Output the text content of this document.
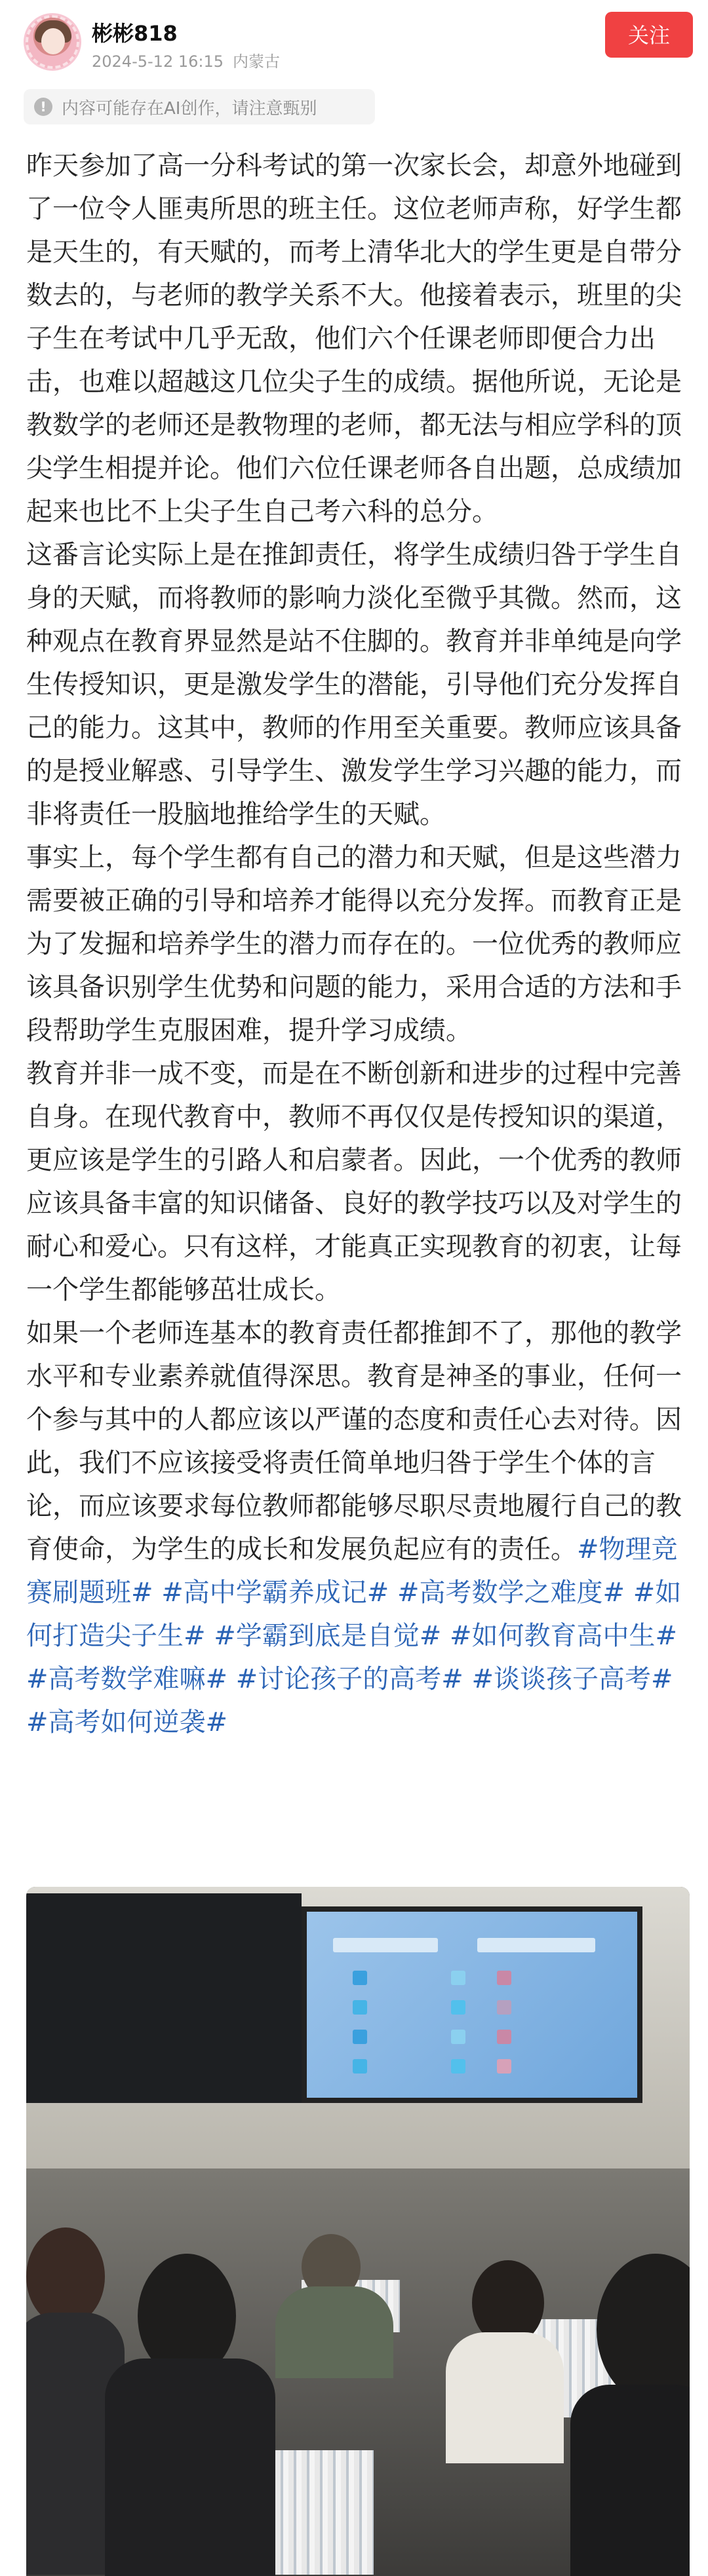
彬彬818
2024-5-12 16:15 内蒙古
关注
! 内容可能存在AI创作，请注意甄别

昨天参加了高一分科考试的第一次家长会，却意外地碰到了一位令人匪夷所思的班主任。这位老师声称，好学生都是天生的，有天赋的，而考上清华北大的学生更是自带分数去的，与老师的教学关系不大。他接着表示，班里的尖子生在考试中几乎无敌，他们六个任课老师即便合力出击，也难以超越这几位尖子生的成绩。据他所说，无论是教数学的老师还是教物理的老师，都无法与相应学科的顶尖学生相提并论。他们六位任课老师各自出题，总成绩加起来也比不上尖子生自己考六科的总分。

这番言论实际上是在推卸责任，将学生成绩归咎于学生自身的天赋，而将教师的影响力淡化至微乎其微。然而，这种观点在教育界显然是站不住脚的。教育并非单纯是向学生传授知识，更是激发学生的潜能，引导他们充分发挥自己的能力。这其中，教师的作用至关重要。教师应该具备的是授业解惑、引导学生、激发学生学习兴趣的能力，而非将责任一股脑地推给学生的天赋。

事实上，每个学生都有自己的潜力和天赋，但是这些潜力需要被正确的引导和培养才能得以充分发挥。而教育正是为了发掘和培养学生的潜力而存在的。一位优秀的教师应该具备识别学生优势和问题的能力，采用合适的方法和手段帮助学生克服困难，提升学习成绩。

教育并非一成不变，而是在不断创新和进步的过程中完善自身。在现代教育中，教师不再仅仅是传授知识的渠道，更应该是学生的引路人和启蒙者。因此，一个优秀的教师应该具备丰富的知识储备、良好的教学技巧以及对学生的耐心和爱心。只有这样，才能真正实现教育的初衷，让每一个学生都能够茁壮成长。

如果一个老师连基本的教育责任都推卸不了，那他的教学水平和专业素养就值得深思。教育是神圣的事业，任何一个参与其中的人都应该以严谨的态度和责任心去对待。因此，我们不应该接受将责任简单地归咎于学生个体的言论，而应该要求每位教师都能够尽职尽责地履行自己的教育使命，为学生的成长和发展负起应有的责任。#物理竞赛刷题班# #高中学霸养成记# #高考数学之难度# #如何打造尖子生# #学霸到底是自觉# #如何教育高中生# #高考数学难嘛# #讨论孩子的高考# #谈谈孩子高考# #高考如何逆袭#
